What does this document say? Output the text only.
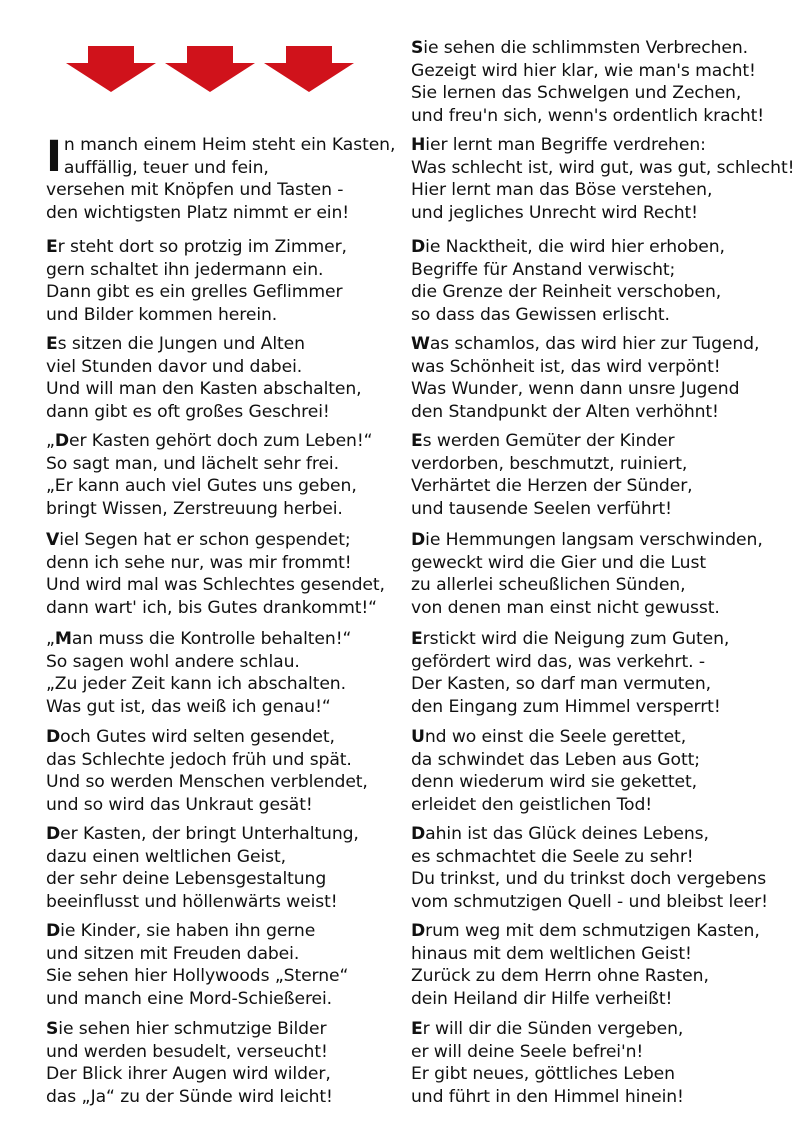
I n manch einem Heim steht ein Kasten,
auffällig, teuer und fein,
versehen mit Knöpfen und Tasten -
den wichtigsten Platz nimmt er ein!
Er steht dort so protzig im Zimmer,
gern schaltet ihn jedermann ein.
Dann gibt es ein grelles Geflimmer
und Bilder kommen herein.
Es sitzen die Jungen und Alten
viel Stunden davor und dabei.
Und will man den Kasten abschalten,
dann gibt es oft großes Geschrei!
„Der Kasten gehört doch zum Leben!“
So sagt man, und lächelt sehr frei.
„Er kann auch viel Gutes uns geben,
bringt Wissen, Zerstreuung herbei.
Viel Segen hat er schon gespendet;
denn ich sehe nur, was mir frommt!
Und wird mal was Schlechtes gesendet,
dann wart' ich, bis Gutes drankommt!“
„Man muss die Kontrolle behalten!“
So sagen wohl andere schlau.
„Zu jeder Zeit kann ich abschalten.
Was gut ist, das weiß ich genau!“
Doch Gutes wird selten gesendet,
das Schlechte jedoch früh und spät.
Und so werden Menschen verblendet,
und so wird das Unkraut gesät!
Der Kasten, der bringt Unterhaltung,
dazu einen weltlichen Geist,
der sehr deine Lebensgestaltung
beeinflusst und höllenwärts weist!
Die Kinder, sie haben ihn gerne
und sitzen mit Freuden dabei.
Sie sehen hier Hollywoods „Sterne“
und manch eine Mord-Schießerei.
Sie sehen hier schmutzige Bilder
und werden besudelt, verseucht!
Der Blick ihrer Augen wird wilder,
das „Ja“ zu der Sünde wird leicht!
Sie sehen die schlimmsten Verbrechen.
Gezeigt wird hier klar, wie man's macht!
Sie lernen das Schwelgen und Zechen,
und freu'n sich, wenn's ordentlich kracht!
Hier lernt man Begriffe verdrehen:
Was schlecht ist, wird gut, was gut, schlecht!
Hier lernt man das Böse verstehen,
und jegliches Unrecht wird Recht!
Die Nacktheit, die wird hier erhoben,
Begriffe für Anstand verwischt;
die Grenze der Reinheit verschoben,
so dass das Gewissen erlischt.
Was schamlos, das wird hier zur Tugend,
was Schönheit ist, das wird verpönt!
Was Wunder, wenn dann unsre Jugend
den Standpunkt der Alten verhöhnt!
Es werden Gemüter der Kinder
verdorben, beschmutzt, ruiniert,
Verhärtet die Herzen der Sünder,
und tausende Seelen verführt!
Die Hemmungen langsam verschwinden,
geweckt wird die Gier und die Lust
zu allerlei scheußlichen Sünden,
von denen man einst nicht gewusst.
Erstickt wird die Neigung zum Guten,
gefördert wird das, was verkehrt. -
Der Kasten, so darf man vermuten,
den Eingang zum Himmel versperrt!
Und wo einst die Seele gerettet,
da schwindet das Leben aus Gott;
denn wiederum wird sie gekettet,
erleidet den geistlichen Tod!
Dahin ist das Glück deines Lebens,
es schmachtet die Seele zu sehr!
Du trinkst, und du trinkst doch vergebens
vom schmutzigen Quell - und bleibst leer!
Drum weg mit dem schmutzigen Kasten,
hinaus mit dem weltlichen Geist!
Zurück zu dem Herrn ohne Rasten,
dein Heiland dir Hilfe verheißt!
Er will dir die Sünden vergeben,
er will deine Seele befrei'n!
Er gibt neues, göttliches Leben
und führt in den Himmel hinein!
